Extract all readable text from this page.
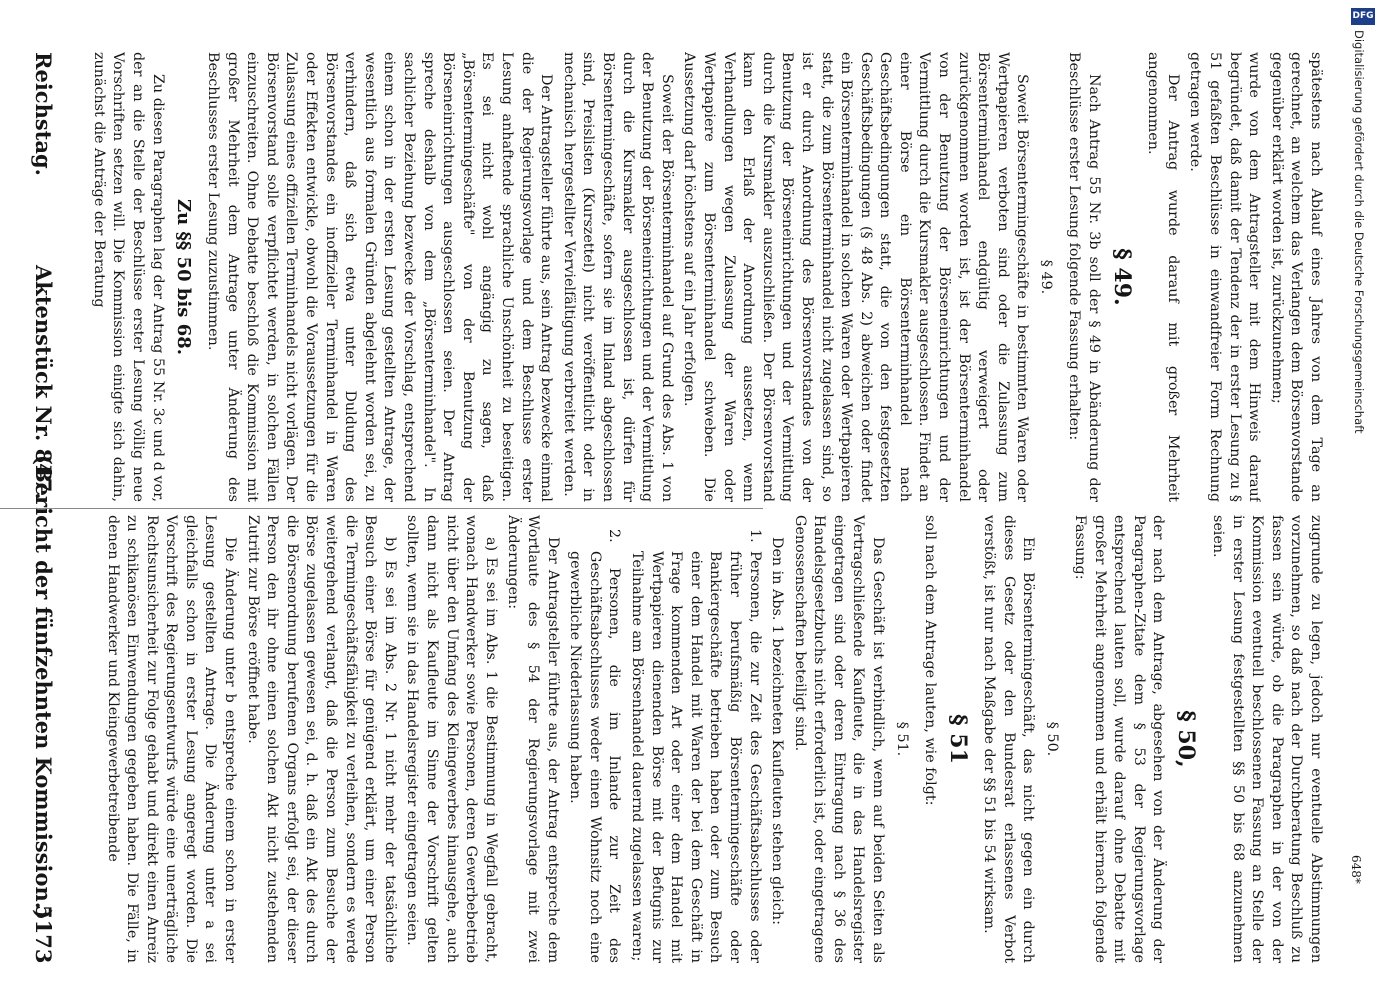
Digitalisierung gefördert durch die Deutsche Forschungsgemeinschaft
Reichstag.
Aktenstück Nr. 847.
(Bericht der fünfzehnten Kommission.)
5173

spätestens nach Ablauf eines Jahres von dem Tage an gerechnet, an welchem das Verlangen dem Börsenvorstande gegenüber erklärt worden ist, zurückzunehmen;

wurde von dem Antragsteller mit dem Hinweis darauf begründet, daß damit der Tendenz der in erster Lesung zu § 51 gefaßten Beschlüsse in einwandfreier Form Rechnung getragen werde.

Der Antrag wurde darauf mit großer Mehrheit angenommen.

§ 49.

Nach Antrag 55 Nr. 3b soll der § 49 in Abänderung der Beschlüsse erster Lesung folgende Fassung erhalten:

§ 49.

Soweit Börsentermingeschäfte in bestimmten Waren oder Wertpapieren verboten sind oder die Zulassung zum Börsenterminhandel endgültig verweigert oder zurückgenommen worden ist, ist der Börsenterminhandel von der Benutzung der Börseneinrichtungen und der Vermittlung durch die Kursmakler ausgeschlossen. Findet an einer Börse ein Börsenterminhandel nach Geschäftsbedingungen statt, die von den festgesetzten Geschäftsbedingungen (§ 48 Abs. 2) abweichen oder findet ein Börsenterminhandel in solchen Waren oder Wertpapieren statt, die zum Börsenterminhandel nicht zugelassen sind, so ist er durch Anordnung des Börsenvorstandes von der Benutzung der Börseneinrichtungen und der Vermittlung durch die Kursmakler auszuschließen. Der Börsenvorstand kann den Erlaß der Anordnung aussetzen, wenn Verhandlungen wegen Zulassung der Waren oder Wertpapiere zum Börsenterminhandel schweben. Die Aussetzung darf höchstens auf ein Jahr erfolgen.

Soweit der Börsenterminhandel auf Grund des Abs. 1 von der Benutzung der Börseneinrichtungen und der Vermittlung durch die Kursmakler ausgeschlossen ist, dürfen für Börsentermingeschäfte, sofern sie im Inland abgeschlossen sind, Preislisten (Kurszettel) nicht veröffentlicht oder in mechanisch hergestellter Vervielfältigung verbreitet werden.

Der Antragsteller führte aus, sein Antrag bezwecke einmal die der Regierungsvorlage und dem Beschlusse erster Lesung anhaftende sprachliche Unschönheit zu beseitigen. Es sei nicht wohl angängig zu sagen, daß „Börsentermingeschäfte" von der Benutzung der Börseneinrichtungen ausgeschlossen seien. Der Antrag spreche deshalb von dem „Börsenterminhandel". In sachlicher Beziehung bezwecke der Vorschlag, entsprechend einem schon in der ersten Lesung gestellten Antrage, der wesentlich aus formalen Gründen abgelehnt worden sei, zu verhindern, daß sich etwa unter Duldung des Börsenvorstandes ein inoffizieller Terminhandel in Waren oder Effekten entwickle, obwohl die Voraussetzungen für die Zulassung eines offiziellen Terminhandels nicht vorlägen. Der Börsenvorstand solle verpflichtet werden, in solchen Fällen einzuschreiten. Ohne Debatte beschloß die Kommission mit großer Mehrheit dem Antrage unter Änderung des Beschlusses erster Lesung zuzustimmen.

Zu §§ 50 bis 68.

Zu diesen Paragraphen lag der Antrag 55 Nr. 3c und d vor, der an die Stelle der Beschlüsse erster Lesung völlig neue Vorschriften setzen will. Die Kommission einigte sich dahin, zunächst die Anträge der Beratung

zugrunde zu legen, jedoch nur eventuelle Abstimmungen vorzunehmen, so daß nach der Durchberatung Beschluß zu fassen sein würde, ob die Paragraphen in der von der Kommission eventuell beschlossenen Fassung an Stelle der in erster Lesung festgestellten §§ 50 bis 68 anzunehmen seien.

§ 50,

der nach dem Antrage, abgesehen von der Änderung der Paragraphen-Zitate dem § 53 der Regierungsvorlage entsprechend lauten soll, wurde darauf ohne Debatte mit großer Mehrheit angenommen und erhält hiernach folgende Fassung:

§ 50.

Ein Börsentermingeschäft, das nicht gegen ein durch dieses Gesetz oder den Bundesrat erlassenes Verbot verstößt, ist nur nach Maßgabe der §§ 51 bis 54 wirksam.

§ 51

soll nach dem Antrage lauten, wie folgt:

§ 51.

Das Geschäft ist verbindlich, wenn auf beiden Seiten als Vertragschließende Kaufleute, die in das Handelsregister eingetragen sind oder deren Eintragung nach § 36 des Handelsgesetzbuchs nicht erforderlich ist, oder eingetragene Genossenschaften beteiligt sind.

Den in Abs. 1 bezeichneten Kaufleuten stehen gleich:

1. Personen, die zur Zeit des Geschäftsabschlusses oder früher berufsmäßig Börsentermingeschäfte oder Bankiergeschäfte betrieben haben oder zum Besuch einer dem Handel mit Waren der bei dem Geschäft in Frage kommenden Art oder einer dem Handel mit Wertpapieren dienenden Börse mit der Befugnis zur Teilnahme am Börsenhandel dauernd zugelassen waren;

2. Personen, die im Inlande zur Zeit des Geschäftsabschlusses weder einen Wohnsitz noch eine gewerbliche Niederlassung haben.

Der Antragsteller führte aus, der Antrag entspreche dem Wortlaute des § 54 der Regierungsvorlage mit zwei Änderungen:

a) Es sei im Abs. 1 die Bestimmung in Wegfall gebracht, wonach Handwerker sowie Personen, deren Gewerbebetrieb nicht über den Umfang des Kleingewerbes hinausgehe, auch dann nicht als Kaufleute im Sinne der Vorschrift gelten sollten, wenn sie in das Handelsregister eingetragen seien.

b) Es sei im Abs. 2 Nr. 1 nicht mehr der tatsächliche Besuch einer Börse für genügend erklärt, um einer Person die Termingeschäftsfähigkeit zu verleihen, sondern es werde weitergehend verlangt, daß die Person zum Besuche der Börse zugelassen gewesen sei, d. h. daß ein Akt des durch die Börsenordnung berufenen Organs erfolgt sei, der dieser Person den ihr ohne einen solchen Akt nicht zustehenden Zutritt zur Börse eröffnet habe.

Die Änderung unter b entspreche einem schon in erster Lesung gestellten Antrage. Die Änderung unter a sei gleichfalls schon in erster Lesung angeregt worden. Die Vorschrift des Regierungsentwurfs würde eine unerträgliche Rechtsunsicherheit zur Folge gehabt und direkt einen Anreiz zu schikanösen Einwendungen gegeben haben. Die Fälle, in denen Handwerker und Kleingewerbetreibende

648*
DFG
